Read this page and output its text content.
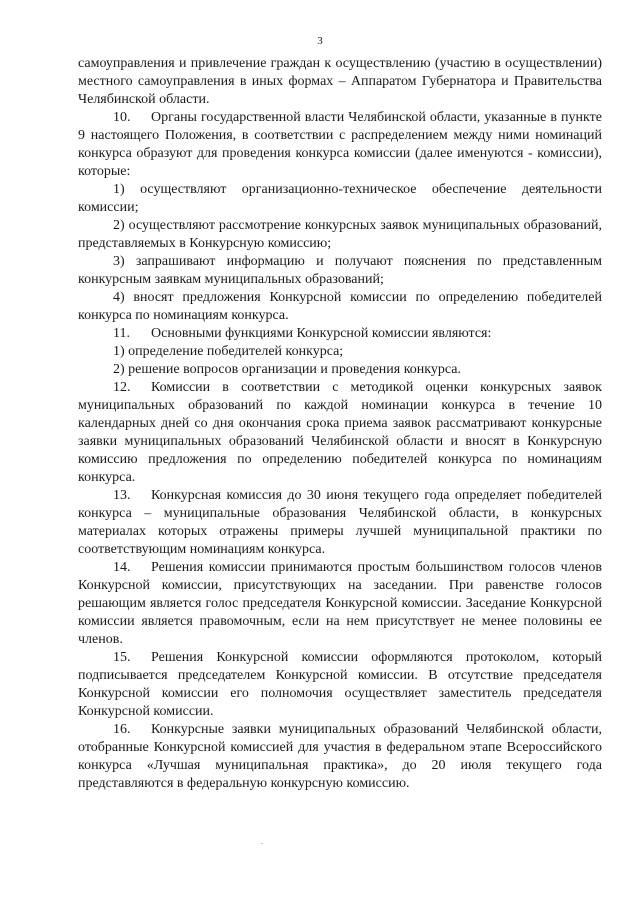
3

самоуправления и привлечение граждан к осуществлению (участию в осуществлении) местного самоуправления в иных формах – Аппаратом Губернатора и Правительства Челябинской области.

10. Органы государственной власти Челябинской области, указанные в пункте 9 настоящего Положения, в соответствии с распределением между ними номинаций конкурса образуют для проведения конкурса комиссии (далее именуются - комиссии), которые:

1) осуществляют организационно-техническое обеспечение деятельности комиссии;

2) осуществляют рассмотрение конкурсных заявок муниципальных образований, представляемых в Конкурсную комиссию;

3) запрашивают информацию и получают пояснения по представленным конкурсным заявкам муниципальных образований;

4) вносят предложения Конкурсной комиссии по определению победителей конкурса по номинациям конкурса.

11. Основными функциями Конкурсной комиссии являются:

1) определение победителей конкурса;

2) решение вопросов организации и проведения конкурса.

12. Комиссии в соответствии с методикой оценки конкурсных заявок муниципальных образований по каждой номинации конкурса в течение 10 календарных дней со дня окончания срока приема заявок рассматривают конкурсные заявки муниципальных образований Челябинской области и вносят в Конкурсную комиссию предложения по определению победителей конкурса по номинациям конкурса.

13. Конкурсная комиссия до 30 июня текущего года определяет победителей конкурса – муниципальные образования Челябинской области, в конкурсных материалах которых отражены примеры лучшей муниципальной практики по соответствующим номинациям конкурса.

14. Решения комиссии принимаются простым большинством голосов членов Конкурсной комиссии, присутствующих на заседании. При равенстве голосов решающим является голос председателя Конкурсной комиссии. Заседание Конкурсной комиссии является правомочным, если на нем присутствует не менее половины ее членов.

15. Решения Конкурсной комиссии оформляются протоколом, который подписывается председателем Конкурсной комиссии. В отсутствие председателя Конкурсной комиссии его полномочия осуществляет заместитель председателя Конкурсной комиссии.

16. Конкурсные заявки муниципальных образований Челябинской области, отобранные Конкурсной комиссией для участия в федеральном этапе Всероссийского конкурса «Лучшая муниципальная практика», до 20 июля текущего года представляются в федеральную конкурсную комиссию.
